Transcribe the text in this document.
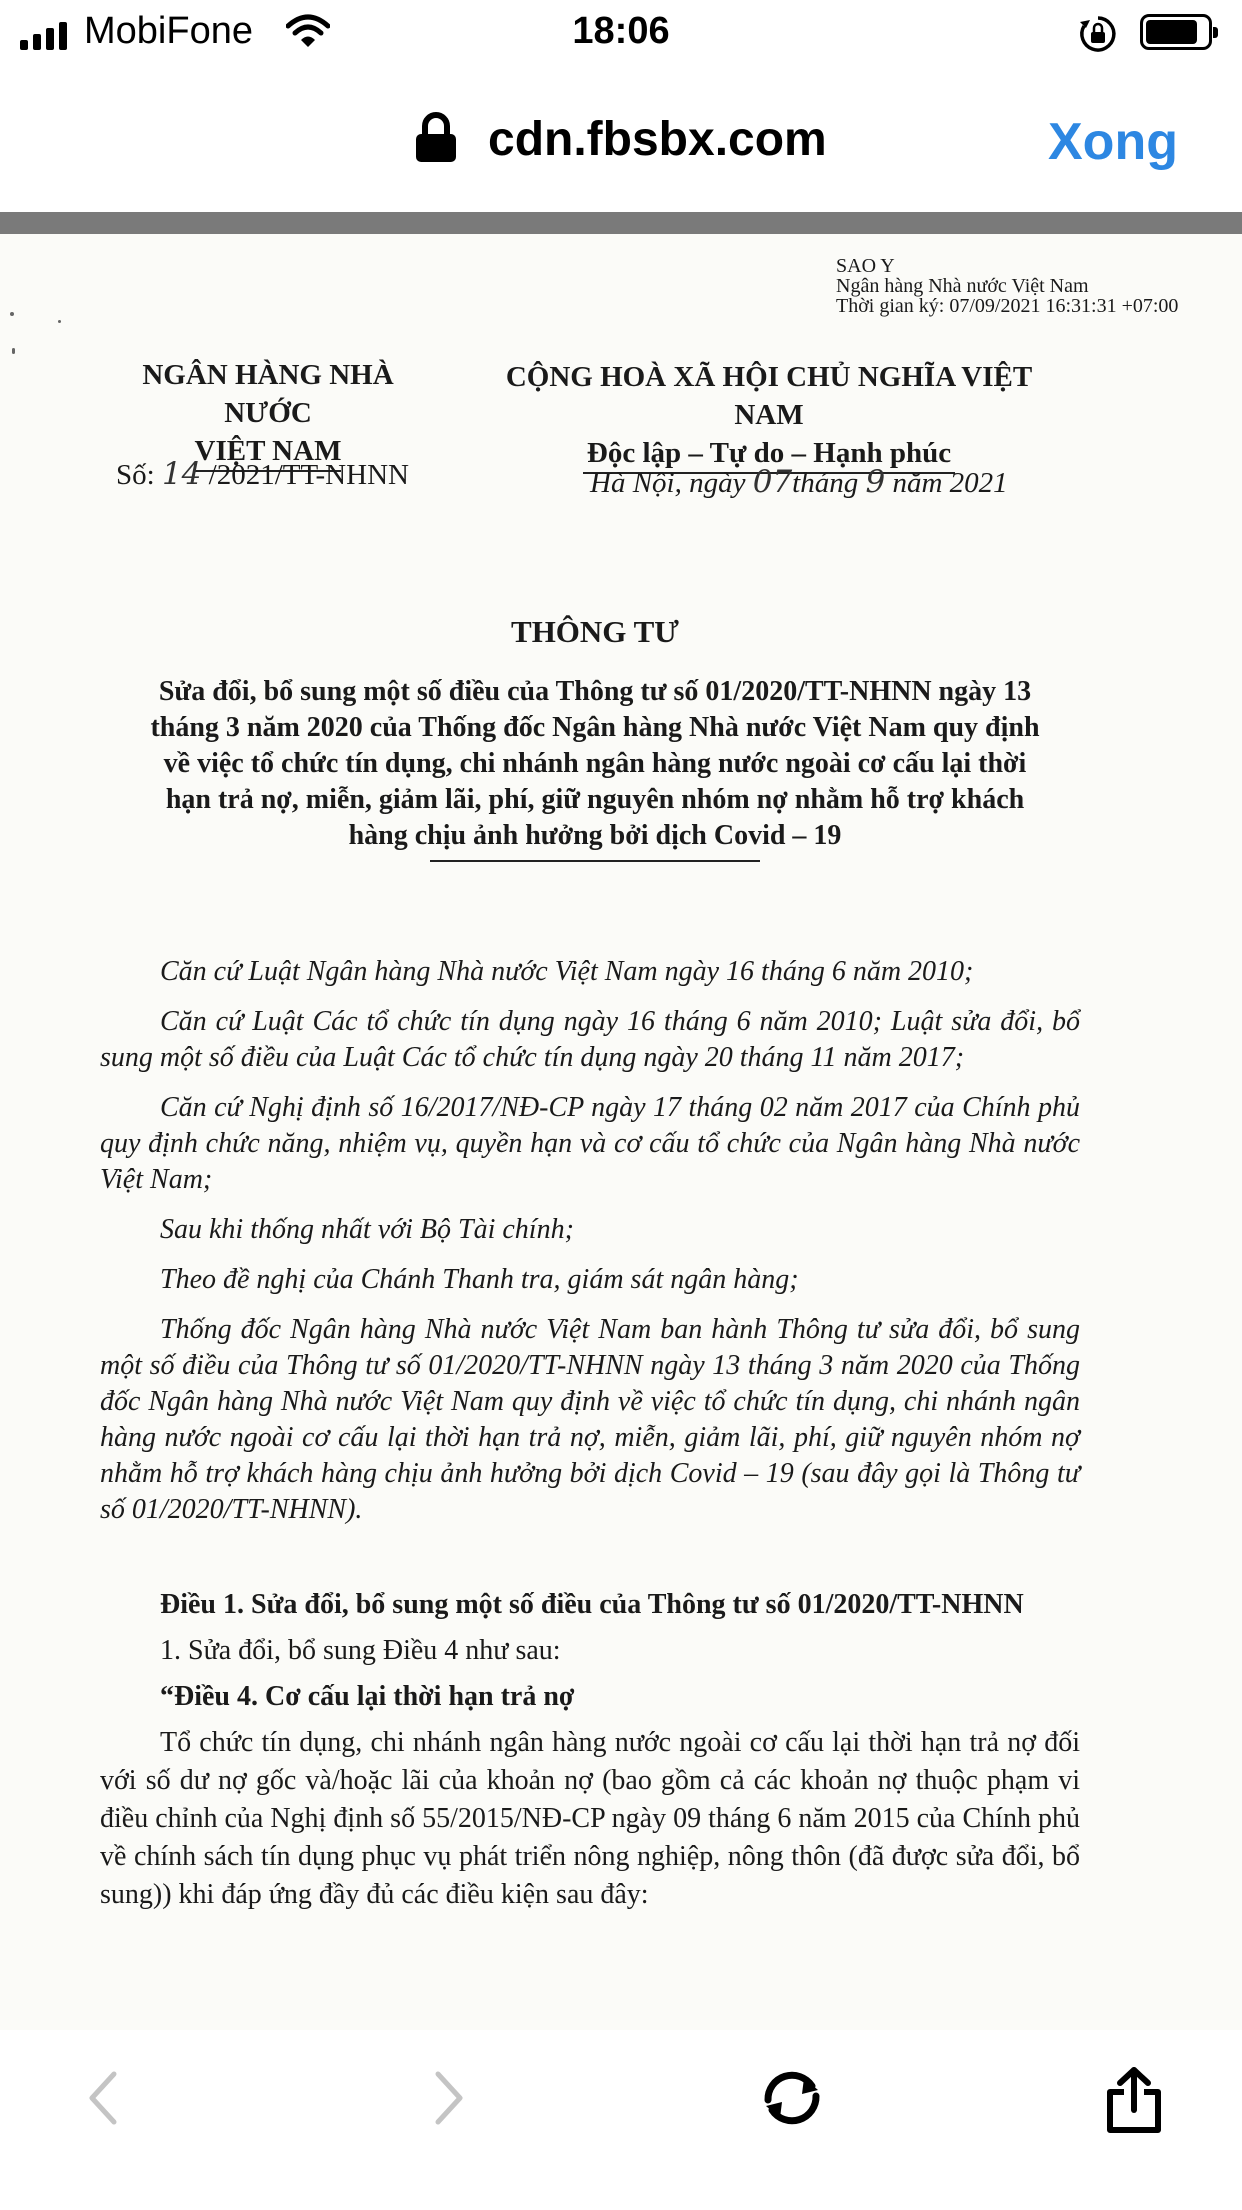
MobiFone	18:06
cdn.fbsbx.com	Xong
SAO Y
Ngân hàng Nhà nước Việt Nam
Thời gian ký: 07/09/2021 16:31:31 +07:00
NGÂN HÀNG NHÀ NƯỚC
VIỆT NAM
CỘNG HOÀ XÃ HỘI CHỦ NGHĨA VIỆT NAM
Độc lập – Tự do – Hạnh phúc
Số: 14 /2021/TT-NHNN	Hà Nội, ngày 07tháng 9 năm 2021
THÔNG TƯ
Sửa đổi, bổ sung một số điều của Thông tư số 01/2020/TT-NHNN ngày 13
tháng 3 năm 2020 của Thống đốc Ngân hàng Nhà nước Việt Nam quy định
về việc tổ chức tín dụng, chi nhánh ngân hàng nước ngoài cơ cấu lại thời
hạn trả nợ, miễn, giảm lãi, phí, giữ nguyên nhóm nợ nhằm hỗ trợ khách
hàng chịu ảnh hưởng bởi dịch Covid – 19

Căn cứ Luật Ngân hàng Nhà nước Việt Nam ngày 16 tháng 6 năm 2010;

Căn cứ Luật Các tổ chức tín dụng ngày 16 tháng 6 năm 2010; Luật sửa đổi, bổ sung một số điều của Luật Các tổ chức tín dụng ngày 20 tháng 11 năm 2017;

Căn cứ Nghị định số 16/2017/NĐ-CP ngày 17 tháng 02 năm 2017 của Chính phủ quy định chức năng, nhiệm vụ, quyền hạn và cơ cấu tổ chức của Ngân hàng Nhà nước Việt Nam;

Sau khi thống nhất với Bộ Tài chính;

Theo đề nghị của Chánh Thanh tra, giám sát ngân hàng;

Thống đốc Ngân hàng Nhà nước Việt Nam ban hành Thông tư sửa đổi, bổ sung một số điều của Thông tư số 01/2020/TT-NHNN ngày 13 tháng 3 năm 2020 của Thống đốc Ngân hàng Nhà nước Việt Nam quy định về việc tổ chức tín dụng, chi nhánh ngân hàng nước ngoài cơ cấu lại thời hạn trả nợ, miễn, giảm lãi, phí, giữ nguyên nhóm nợ nhằm hỗ trợ khách hàng chịu ảnh hưởng bởi dịch Covid – 19 (sau đây gọi là Thông tư số 01/2020/TT-NHNN).

Điều 1. Sửa đổi, bổ sung một số điều của Thông tư số 01/2020/TT-NHNN

1. Sửa đổi, bổ sung Điều 4 như sau:

“Điều 4. Cơ cấu lại thời hạn trả nợ

Tổ chức tín dụng, chi nhánh ngân hàng nước ngoài cơ cấu lại thời hạn trả nợ đối với số dư nợ gốc và/hoặc lãi của khoản nợ (bao gồm cả các khoản nợ thuộc phạm vi điều chỉnh của Nghị định số 55/2015/NĐ-CP ngày 09 tháng 6 năm 2015 của Chính phủ về chính sách tín dụng phục vụ phát triển nông nghiệp, nông thôn (đã được sửa đổi, bổ sung)) khi đáp ứng đầy đủ các điều kiện sau đây:
